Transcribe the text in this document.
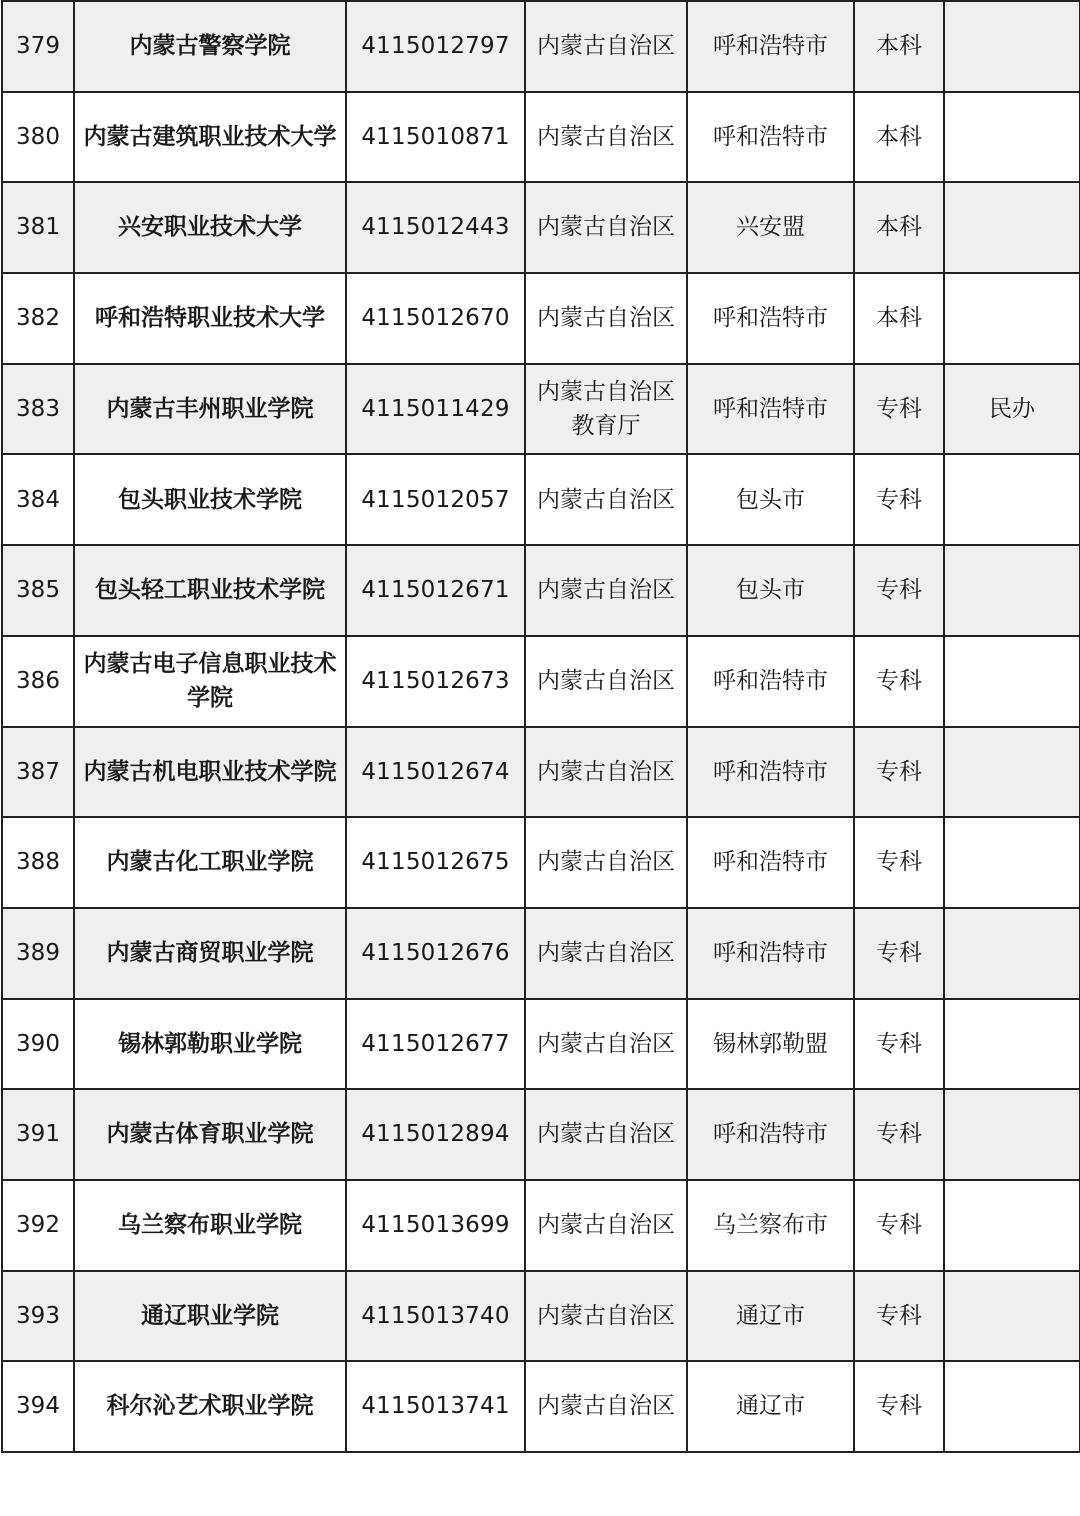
379	内蒙古警察学院	4115012797	内蒙古自治区	呼和浩特市	本科	
380	内蒙古建筑职业技术大学	4115010871	内蒙古自治区	呼和浩特市	本科	
381	兴安职业技术大学	4115012443	内蒙古自治区	兴安盟	本科	
382	呼和浩特职业技术大学	4115012670	内蒙古自治区	呼和浩特市	本科	
383	内蒙古丰州职业学院	4115011429	内蒙古自治区教育厅	呼和浩特市	专科	民办
384	包头职业技术学院	4115012057	内蒙古自治区	包头市	专科	
385	包头轻工职业技术学院	4115012671	内蒙古自治区	包头市	专科	
386	内蒙古电子信息职业技术学院	4115012673	内蒙古自治区	呼和浩特市	专科	
387	内蒙古机电职业技术学院	4115012674	内蒙古自治区	呼和浩特市	专科	
388	内蒙古化工职业学院	4115012675	内蒙古自治区	呼和浩特市	专科	
389	内蒙古商贸职业学院	4115012676	内蒙古自治区	呼和浩特市	专科	
390	锡林郭勒职业学院	4115012677	内蒙古自治区	锡林郭勒盟	专科	
391	内蒙古体育职业学院	4115012894	内蒙古自治区	呼和浩特市	专科	
392	乌兰察布职业学院	4115013699	内蒙古自治区	乌兰察布市	专科	
393	通辽职业学院	4115013740	内蒙古自治区	通辽市	专科	
394	科尔沁艺术职业学院	4115013741	内蒙古自治区	通辽市	专科	
